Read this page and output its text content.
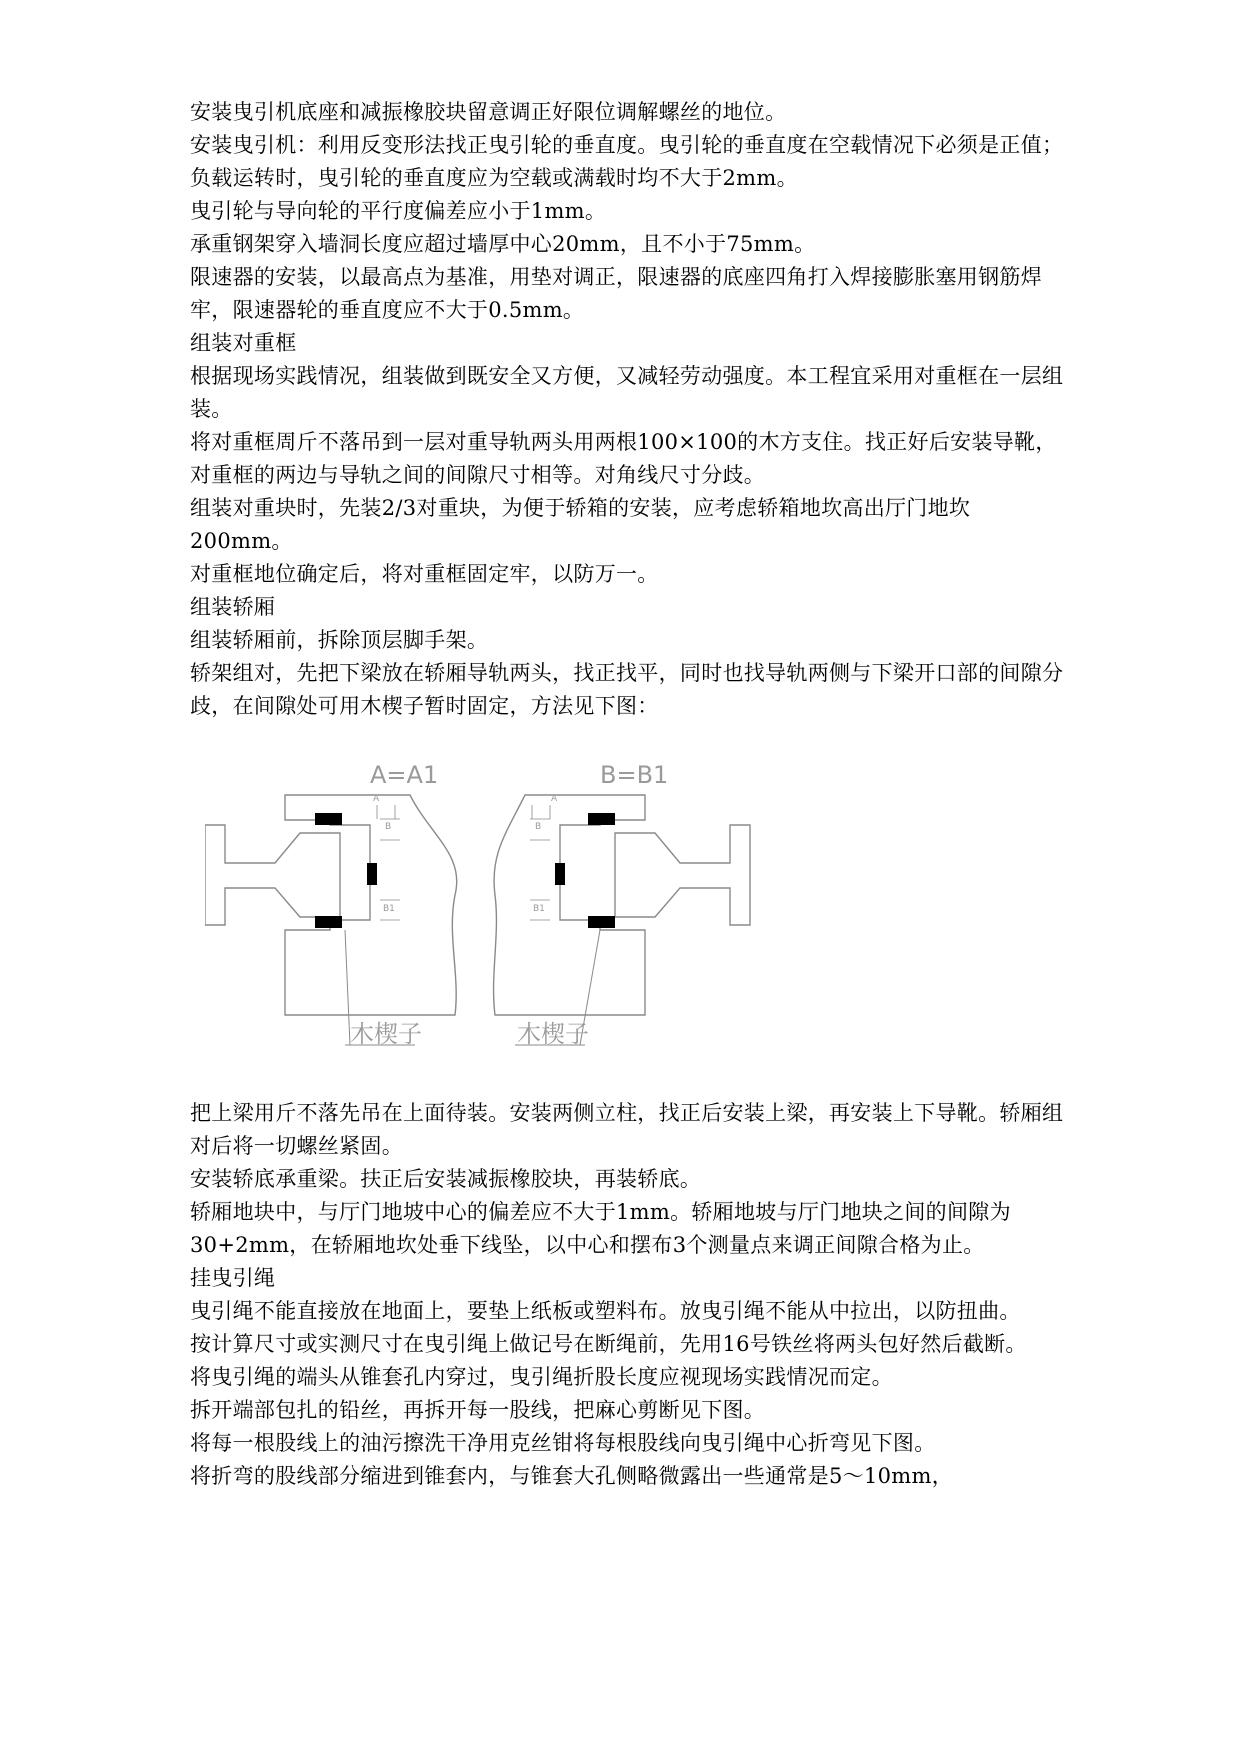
安装曳引机底座和减振橡胶块留意调正好限位调解螺丝的地位。

安装曳引机：利用反变形法找正曳引轮的垂直度。曳引轮的垂直度在空载情况下必须是正值；负载运转时，曳引轮的垂直度应为空载或满载时均不大于2mm。

曳引轮与导向轮的平行度偏差应小于1mm。

承重钢架穿入墙洞长度应超过墙厚中心20mm，且不小于75mm。

限速器的安装，以最高点为基准，用垫对调正，限速器的底座四角打入焊接膨胀塞用钢筋焊牢，限速器轮的垂直度应不大于0.5mm。

组装对重框

根据现场实践情况，组装做到既安全又方便，又减轻劳动强度。本工程宜采用对重框在一层组装。

将对重框周斤不落吊到一层对重导轨两头用两根100×100的木方支住。找正好后安装导靴，对重框的两边与导轨之间的间隙尺寸相等。对角线尺寸分歧。

组装对重块时，先装2/3对重块，为便于轿箱的安装，应考虑轿箱地坎高出厅门地坎200mm。

对重框地位确定后，将对重框固定牢，以防万一。

组装轿厢

组装轿厢前，拆除顶层脚手架。

轿架组对，先把下梁放在轿厢导轨两头，找正找平，同时也找导轨两侧与下梁开口部的间隙分歧，在间隙处可用木楔子暂时固定，方法见下图：

A=A1	B=B1
A
B
B1
木楔子
A
B
B1
木楔子

把上梁用斤不落先吊在上面待装。安装两侧立柱，找正后安装上梁，再安装上下导靴。轿厢组对后将一切螺丝紧固。

安装轿底承重梁。扶正后安装减振橡胶块，再装轿底。

轿厢地块中，与厅门地坡中心的偏差应不大于1mm。轿厢地坡与厅门地块之间的间隙为30+2mm，在轿厢地坎处垂下线坠，以中心和摆布3个测量点来调正间隙合格为止。

挂曳引绳

曳引绳不能直接放在地面上，要垫上纸板或塑料布。放曳引绳不能从中拉出，以防扭曲。

按计算尺寸或实测尺寸在曳引绳上做记号在断绳前，先用16号铁丝将两头包好然后截断。

将曳引绳的端头从锥套孔内穿过，曳引绳折股长度应视现场实践情况而定。

拆开端部包扎的铅丝，再拆开每一股线，把麻心剪断见下图。

将每一根股线上的油污擦洗干净用克丝钳将每根股线向曳引绳中心折弯见下图。

将折弯的股线部分缩进到锥套内，与锥套大孔侧略微露出一些通常是5～10mm，
